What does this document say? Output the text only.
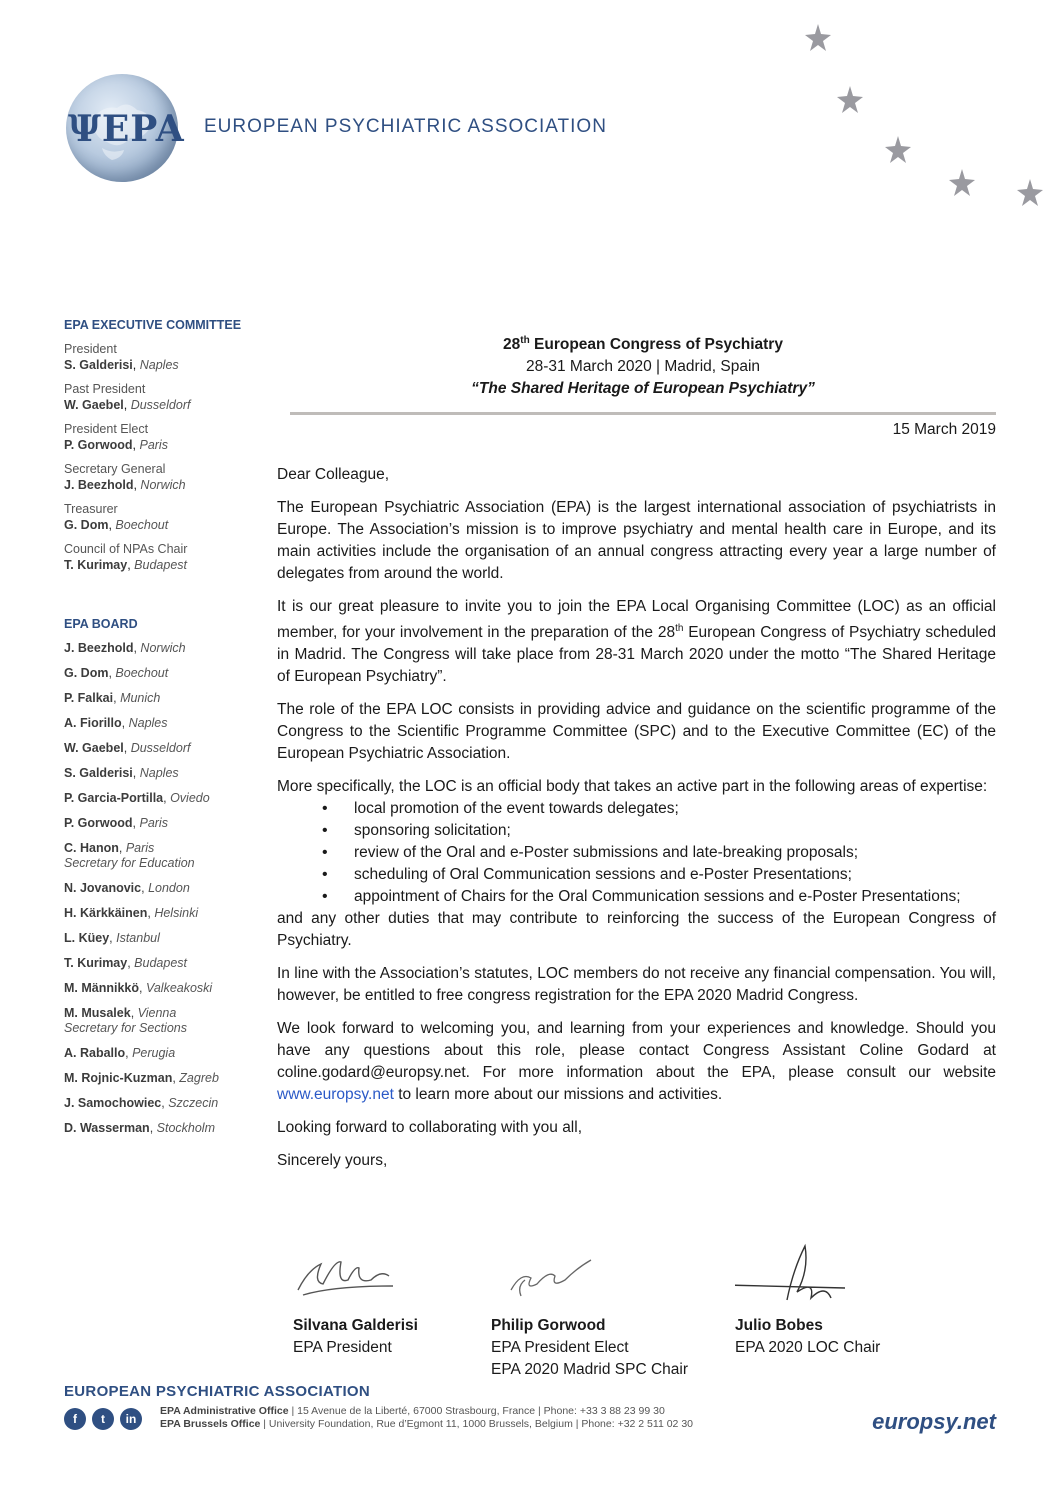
ΨEPA EUROPEAN PSYCHIATRIC ASSOCIATION
EPA EXECUTIVE COMMITTEE
President
S. Galderisi, Naples
Past President
W. Gaebel, Dusseldorf
President Elect
P. Gorwood, Paris
Secretary General
J. Beezhold, Norwich
Treasurer
G. Dom, Boechout
Council of NPAs Chair
T. Kurimay, Budapest
EPA BOARD
J. Beezhold, Norwich
G. Dom, Boechout
P. Falkai, Munich
A. Fiorillo, Naples
W. Gaebel, Dusseldorf
S. Galderisi, Naples
P. Garcia-Portilla, Oviedo
P. Gorwood, Paris
C. Hanon, Paris
Secretary for Education
N. Jovanovic, London
H. Kärkkäinen, Helsinki
L. Küey, Istanbul
T. Kurimay, Budapest
M. Männikkö, Valkeakoski
M. Musalek, Vienna
Secretary for Sections
A. Raballo, Perugia
M. Rojnic-Kuzman, Zagreb
J. Samochowiec, Szczecin
D. Wasserman, Stockholm
28th European Congress of Psychiatry
28-31 March 2020 | Madrid, Spain
“The Shared Heritage of European Psychiatry”
15 March 2019

Dear Colleague,

The European Psychiatric Association (EPA) is the largest international association of psychiatrists in Europe. The Association’s mission is to improve psychiatry and mental health care in Europe, and its main activities include the organisation of an annual congress attracting every year a large number of delegates from around the world.

It is our great pleasure to invite you to join the EPA Local Organising Committee (LOC) as an official member, for your involvement in the preparation of the 28th European Congress of Psychiatry scheduled in Madrid. The Congress will take place from 28-31 March 2020 under the motto “The Shared Heritage of European Psychiatry”.

The role of the EPA LOC consists in providing advice and guidance on the scientific programme of the Congress to the Scientific Programme Committee (SPC) and to the Executive Committee (EC) of the European Psychiatric Association.

More specifically, the LOC is an official body that takes an active part in the following areas of expertise:

• local promotion of the event towards delegates;
• sponsoring solicitation;
• review of the Oral and e-Poster submissions and late-breaking proposals;
• scheduling of Oral Communication sessions and e-Poster Presentations;
• appointment of Chairs for the Oral Communication sessions and e-Poster Presentations;

and any other duties that may contribute to reinforcing the success of the European Congress of Psychiatry.

In line with the Association’s statutes, LOC members do not receive any financial compensation. You will, however, be entitled to free congress registration for the EPA 2020 Madrid Congress.

We look forward to welcoming you, and learning from your experiences and knowledge. Should you have any questions about this role, please contact Congress Assistant Coline Godard at coline.godard@europsy.net. For more information about the EPA, please consult our website www.europsy.net to learn more about our missions and activities.

Looking forward to collaborating with you all,

Sincerely yours,

Silvana Galderisi
EPA President
Philip Gorwood
EPA President Elect
EPA 2020 Madrid SPC Chair
Julio Bobes
EPA 2020 LOC Chair
EUROPEAN PSYCHIATRIC ASSOCIATION
f	t	in
EPA Administrative Office | 15 Avenue de la Liberté, 67000 Strasbourg, France | Phone: +33 3 88 23 99 30
EPA Brussels Office | University Foundation, Rue d’Egmont 11, 1000 Brussels, Belgium | Phone: +32 2 511 02 30	europsy.net
